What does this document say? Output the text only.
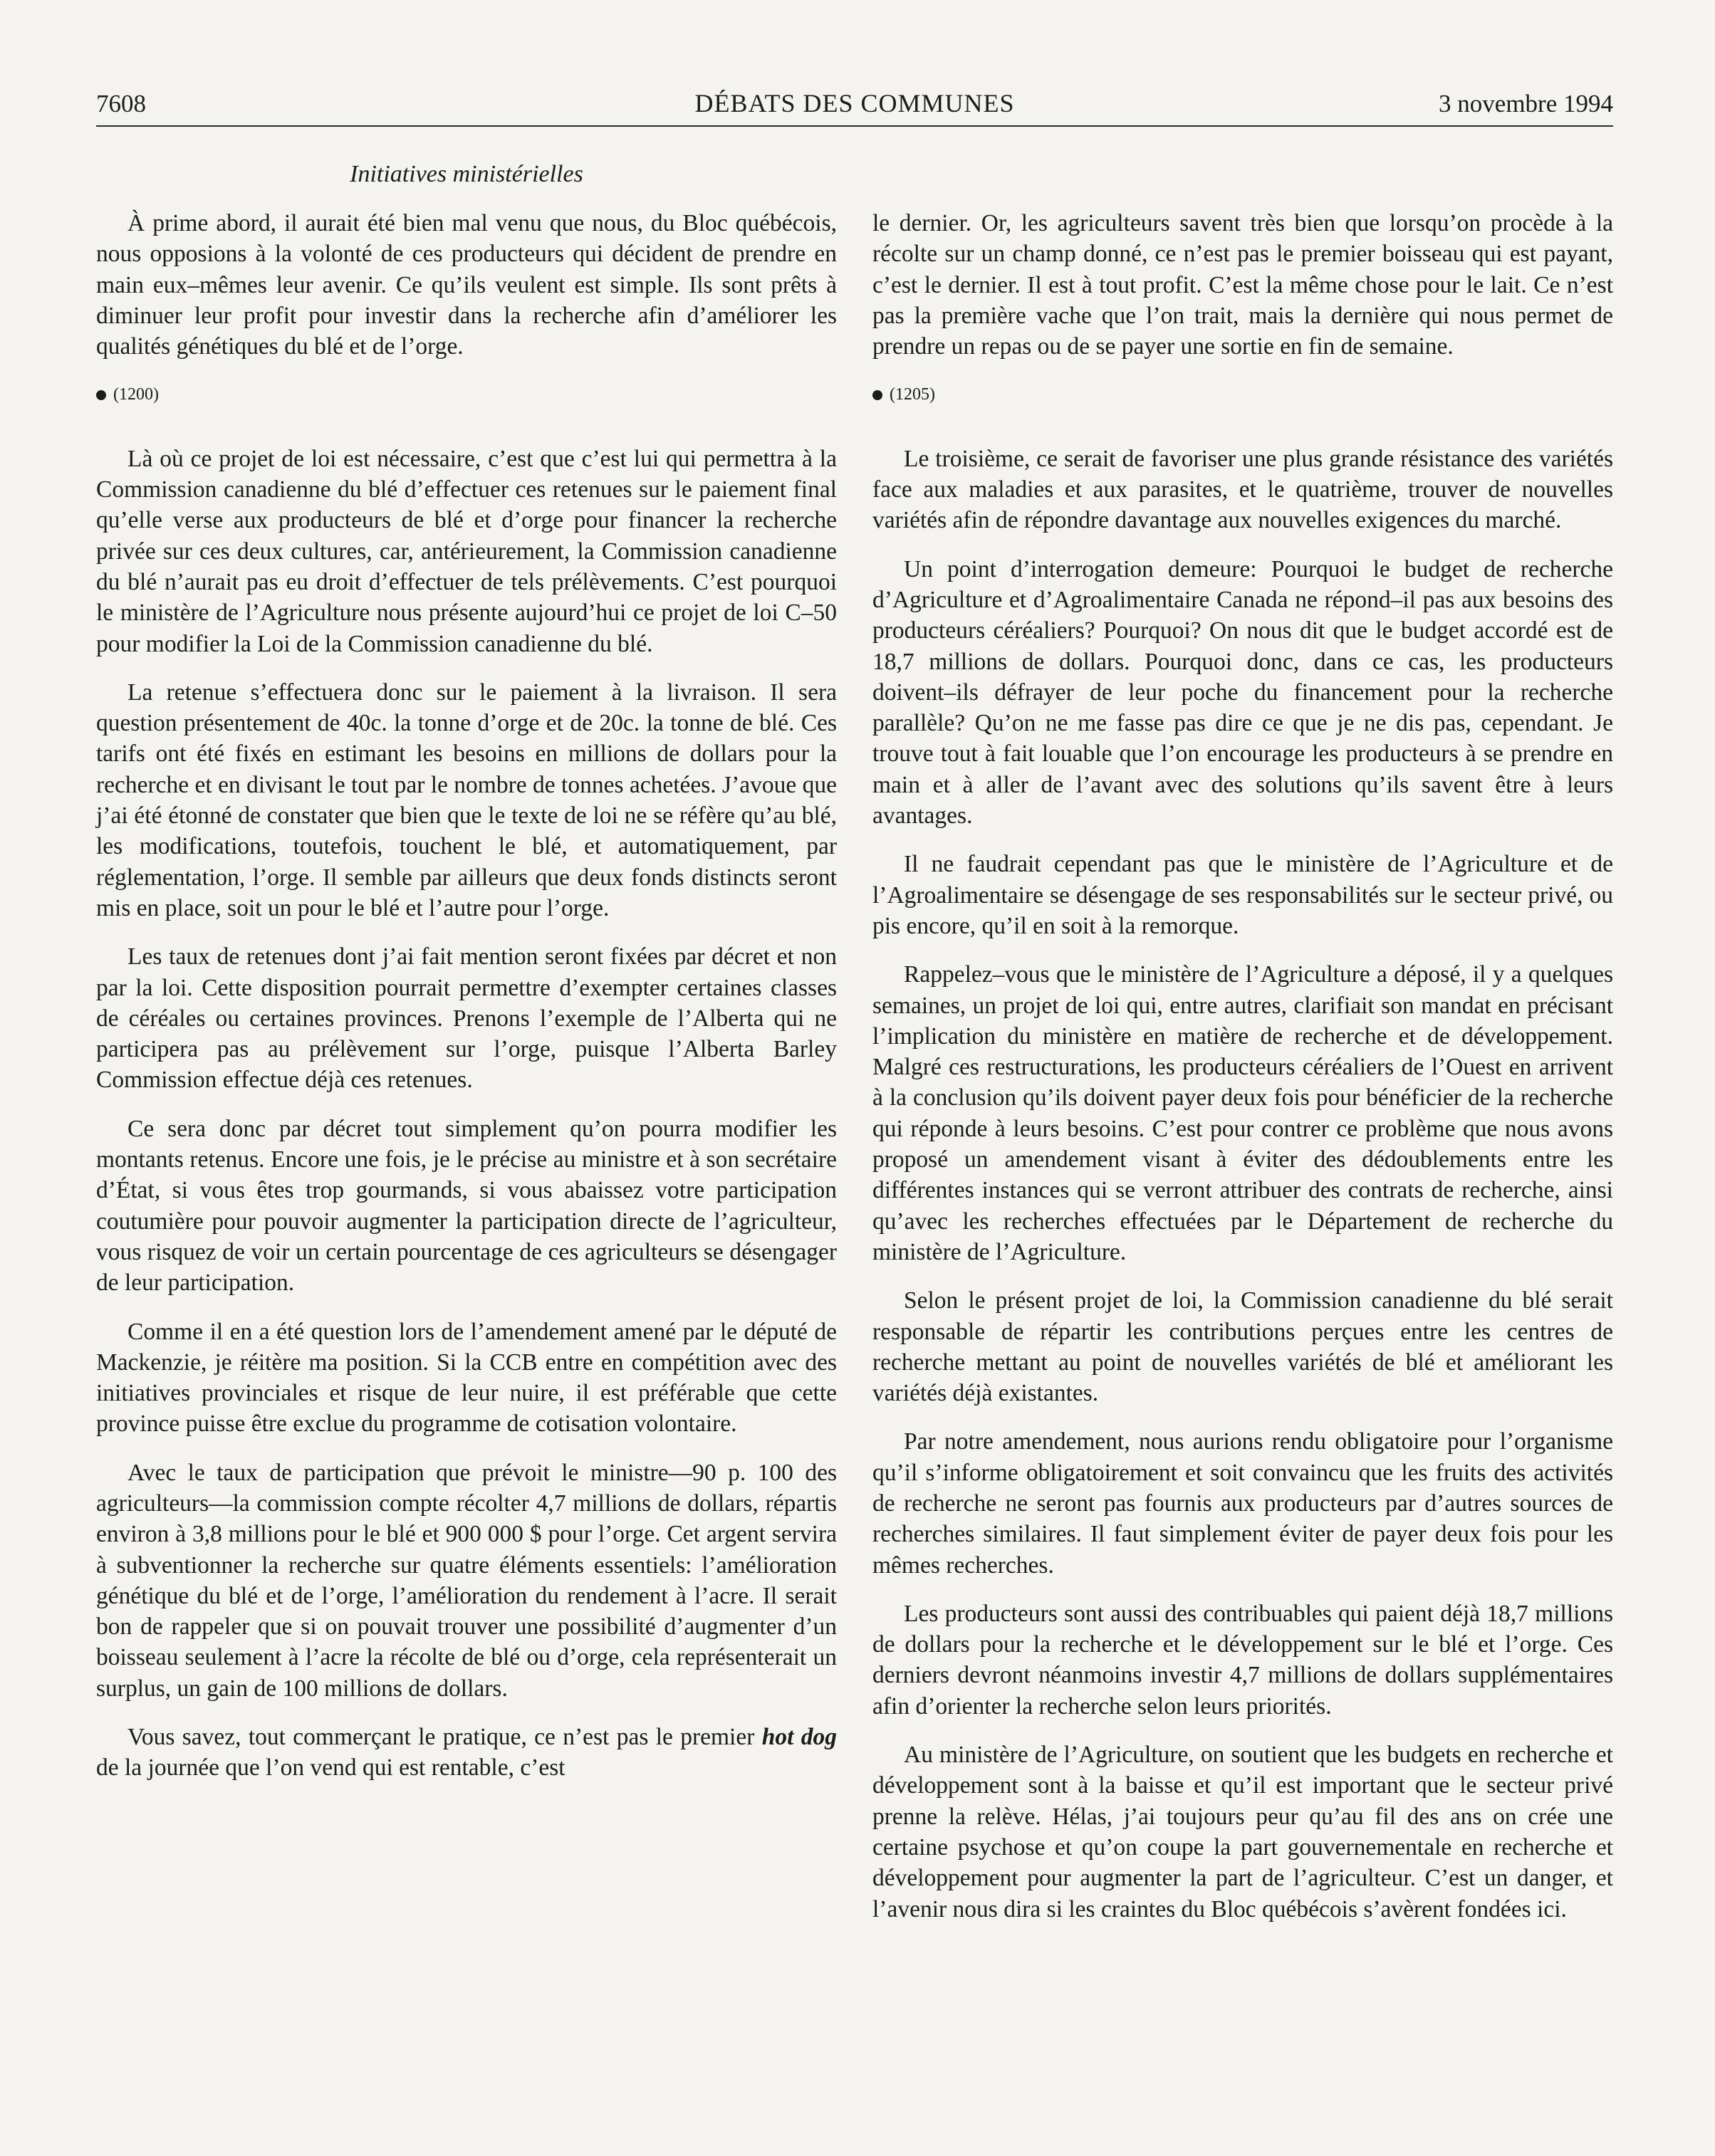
7608	DÉBATS DES COMMUNES	3 novembre 1994
Initiatives ministérielles

À prime abord, il aurait été bien mal venu que nous, du Bloc québécois, nous opposions à la volonté de ces producteurs qui décident de prendre en main eux–mêmes leur avenir. Ce qu’ils veulent est simple. Ils sont prêts à diminuer leur profit pour investir dans la recherche afin d’améliorer les qualités génétiques du blé et de l’orge.

(1200)

Là où ce projet de loi est nécessaire, c’est que c’est lui qui permettra à la Commission canadienne du blé d’effectuer ces retenues sur le paiement final qu’elle verse aux producteurs de blé et d’orge pour financer la recherche privée sur ces deux cultures, car, antérieurement, la Commission canadienne du blé n’aurait pas eu droit d’effectuer de tels prélèvements. C’est pourquoi le ministère de l’Agriculture nous présente aujourd’hui ce projet de loi C–50 pour modifier la Loi de la Commission canadienne du blé.

La retenue s’effectuera donc sur le paiement à la livraison. Il sera question présentement de 40c. la tonne d’orge et de 20c. la tonne de blé. Ces tarifs ont été fixés en estimant les besoins en millions de dollars pour la recherche et en divisant le tout par le nombre de tonnes achetées. J’avoue que j’ai été étonné de constater que bien que le texte de loi ne se réfère qu’au blé, les modifications, toutefois, touchent le blé, et automatiquement, par réglementation, l’orge. Il semble par ailleurs que deux fonds distincts seront mis en place, soit un pour le blé et l’autre pour l’orge.

Les taux de retenues dont j’ai fait mention seront fixées par décret et non par la loi. Cette disposition pourrait permettre d’exempter certaines classes de céréales ou certaines provinces. Prenons l’exemple de l’Alberta qui ne participera pas au prélèvement sur l’orge, puisque l’Alberta Barley Commission effectue déjà ces retenues.

Ce sera donc par décret tout simplement qu’on pourra modifier les montants retenus. Encore une fois, je le précise au ministre et à son secrétaire d’État, si vous êtes trop gourmands, si vous abaissez votre participation coutumière pour pouvoir augmenter la participation directe de l’agriculteur, vous risquez de voir un certain pourcentage de ces agriculteurs se désengager de leur participation.

Comme il en a été question lors de l’amendement amené par le député de Mackenzie, je réitère ma position. Si la CCB entre en compétition avec des initiatives provinciales et risque de leur nuire, il est préférable que cette province puisse être exclue du programme de cotisation volontaire.

Avec le taux de participation que prévoit le ministre—90 p. 100 des agriculteurs—la commission compte récolter 4,7 millions de dollars, répartis environ à 3,8 millions pour le blé et 900 000 $ pour l’orge. Cet argent servira à subventionner la recherche sur quatre éléments essentiels: l’amélioration génétique du blé et de l’orge, l’amélioration du rendement à l’acre. Il serait bon de rappeler que si on pouvait trouver une possibilité d’augmenter d’un boisseau seulement à l’acre la récolte de blé ou d’orge, cela représenterait un surplus, un gain de 100 millions de dollars.

Vous savez, tout commerçant le pratique, ce n’est pas le premier hot dog de la journée que l’on vend qui est rentable, c’est

le dernier. Or, les agriculteurs savent très bien que lorsqu’on procède à la récolte sur un champ donné, ce n’est pas le premier boisseau qui est payant, c’est le dernier. Il est à tout profit. C’est la même chose pour le lait. Ce n’est pas la première vache que l’on trait, mais la dernière qui nous permet de prendre un repas ou de se payer une sortie en fin de semaine.

(1205)

Le troisième, ce serait de favoriser une plus grande résistance des variétés face aux maladies et aux parasites, et le quatrième, trouver de nouvelles variétés afin de répondre davantage aux nouvelles exigences du marché.

Un point d’interrogation demeure: Pourquoi le budget de recherche d’Agriculture et d’Agroalimentaire Canada ne répond–il pas aux besoins des producteurs céréaliers? Pourquoi? On nous dit que le budget accordé est de 18,7 millions de dollars. Pourquoi donc, dans ce cas, les producteurs doivent–ils défrayer de leur poche du financement pour la recherche parallèle? Qu’on ne me fasse pas dire ce que je ne dis pas, cependant. Je trouve tout à fait louable que l’on encourage les producteurs à se prendre en main et à aller de l’avant avec des solutions qu’ils savent être à leurs avantages.

Il ne faudrait cependant pas que le ministère de l’Agriculture et de l’Agroalimentaire se désengage de ses responsabilités sur le secteur privé, ou pis encore, qu’il en soit à la remorque.

Rappelez–vous que le ministère de l’Agriculture a déposé, il y a quelques semaines, un projet de loi qui, entre autres, clarifiait son mandat en précisant l’implication du ministère en matière de recherche et de développement. Malgré ces restructurations, les producteurs céréaliers de l’Ouest en arrivent à la conclusion qu’ils doivent payer deux fois pour bénéficier de la recherche qui réponde à leurs besoins. C’est pour contrer ce problème que nous avons proposé un amendement visant à éviter des dédoublements entre les différentes instances qui se verront attribuer des contrats de recherche, ainsi qu’avec les recherches effectuées par le Département de recherche du ministère de l’Agriculture.

Selon le présent projet de loi, la Commission canadienne du blé serait responsable de répartir les contributions perçues entre les centres de recherche mettant au point de nouvelles variétés de blé et améliorant les variétés déjà existantes.

Par notre amendement, nous aurions rendu obligatoire pour l’organisme qu’il s’informe obligatoirement et soit convaincu que les fruits des activités de recherche ne seront pas fournis aux producteurs par d’autres sources de recherches similaires. Il faut simplement éviter de payer deux fois pour les mêmes recherches.

Les producteurs sont aussi des contribuables qui paient déjà 18,7 millions de dollars pour la recherche et le développement sur le blé et l’orge. Ces derniers devront néanmoins investir 4,7 millions de dollars supplémentaires afin d’orienter la recherche selon leurs priorités.

Au ministère de l’Agriculture, on soutient que les budgets en recherche et développement sont à la baisse et qu’il est important que le secteur privé prenne la relève. Hélas, j’ai toujours peur qu’au fil des ans on crée une certaine psychose et qu’on coupe la part gouvernementale en recherche et développement pour augmenter la part de l’agriculteur. C’est un danger, et l’avenir nous dira si les craintes du Bloc québécois s’avèrent fondées ici.
